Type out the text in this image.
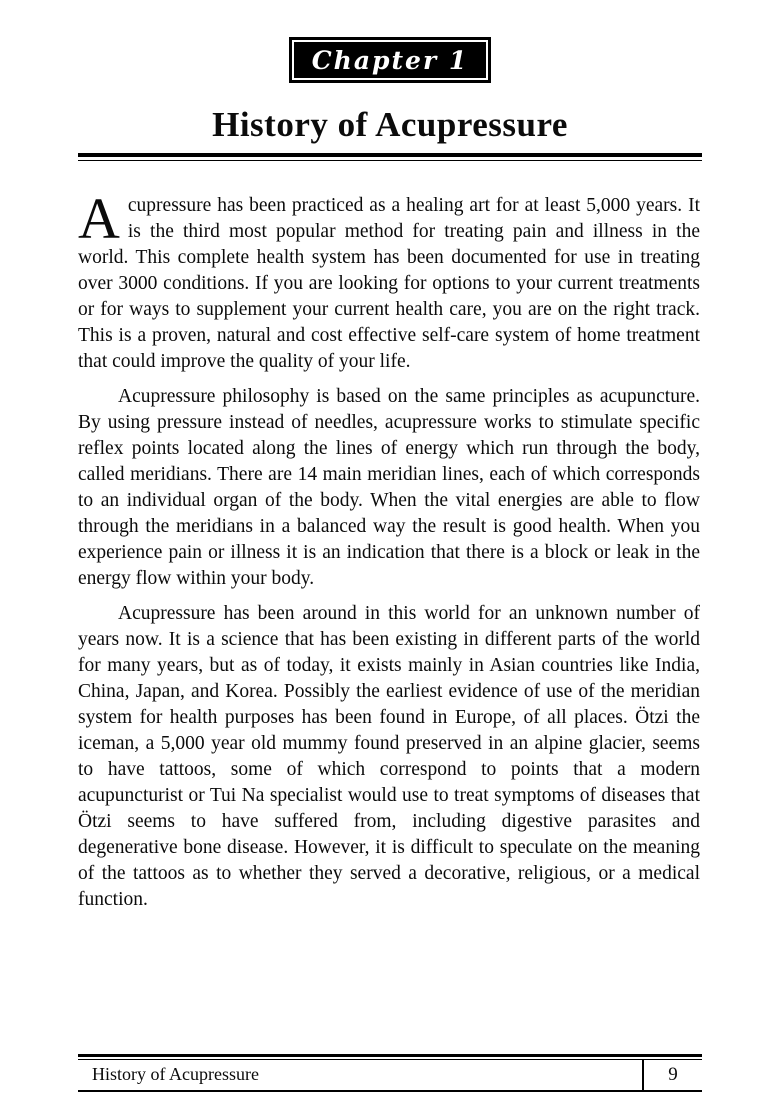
Chapter 1
History of Acupressure

Acupressure has been practiced as a healing art for at least 5,000 years. It is the third most popular method for treating pain and illness in the world. This complete health system has been documented for use in treating over 3000 conditions. If you are looking for options to your current treatments or for ways to supplement your current health care, you are on the right track. This is a proven, natural and cost effective self-care system of home treatment that could improve the quality of your life.

Acupressure philosophy is based on the same principles as acupuncture. By using pressure instead of needles, acupressure works to stimulate specific reflex points located along the lines of energy which run through the body, called meridians. There are 14 main meridian lines, each of which corresponds to an individual organ of the body. When the vital energies are able to flow through the meridians in a balanced way the result is good health. When you experience pain or illness it is an indication that there is a block or leak in the energy flow within your body.

Acupressure has been around in this world for an unknown number of years now. It is a science that has been existing in different parts of the world for many years, but as of today, it exists mainly in Asian countries like India, China, Japan, and Korea. Possibly the earliest evidence of use of the meridian system for health purposes has been found in Europe, of all places. Ötzi the iceman, a 5,000 year old mummy found preserved in an alpine glacier, seems to have tattoos, some of which correspond to points that a modern acupuncturist or Tui Na specialist would use to treat symptoms of diseases that Ötzi seems to have suffered from, including digestive parasites and degenerative bone disease. However, it is difficult to speculate on the meaning of the tattoos as to whether they served a decorative, religious, or a medical function.

History of Acupressure	9
